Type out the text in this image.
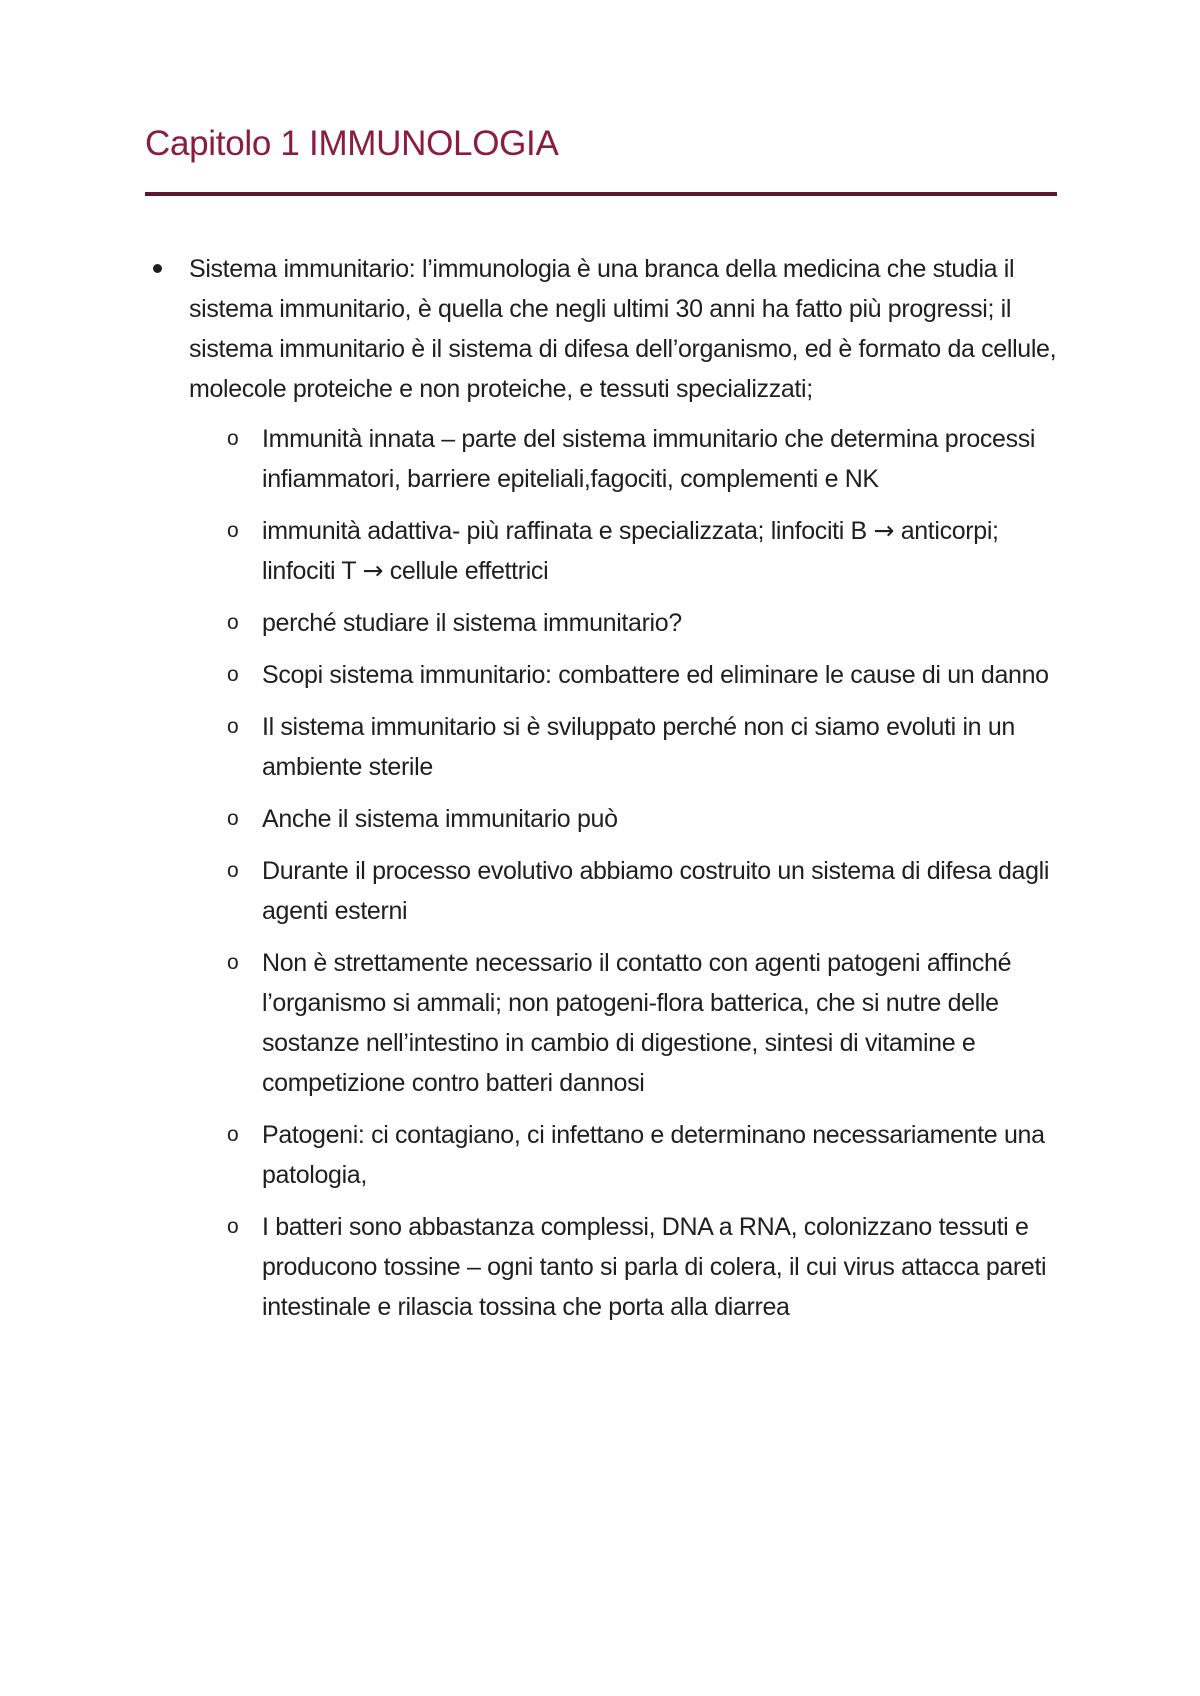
Capitolo 1 IMMUNOLOGIA
Sistema immunitario: l’immunologia è una branca della medicina che studia il sistema immunitario, è quella che negli ultimi 30 anni ha fatto più progressi; il sistema immunitario è il sistema di difesa dell’organismo, ed è formato da cellule, molecole proteiche e non proteiche, e tessuti specializzati;
o Immunità innata – parte del sistema immunitario che determina processi infiammatori, barriere epiteliali,fagociti, complementi e NK
o immunità adattiva- più raffinata e specializzata; linfociti B → anticorpi; linfociti T → cellule effettrici
o perché studiare il sistema immunitario?
o Scopi sistema immunitario: combattere ed eliminare le cause di un danno
o Il sistema immunitario si è sviluppato perché non ci siamo evoluti in un ambiente sterile
o Anche il sistema immunitario può
o Durante il processo evolutivo abbiamo costruito un sistema di difesa dagli agenti esterni
o Non è strettamente necessario il contatto con agenti patogeni affinché l’organismo si ammali; non patogeni-flora batterica, che si nutre delle sostanze nell’intestino in cambio di digestione, sintesi di vitamine e competizione contro batteri dannosi
o Patogeni: ci contagiano, ci infettano e determinano necessariamente una patologia,
o I batteri sono abbastanza complessi, DNA a RNA, colonizzano tessuti e producono tossine – ogni tanto si parla di colera, il cui virus attacca pareti intestinale e rilascia tossina che porta alla diarrea
